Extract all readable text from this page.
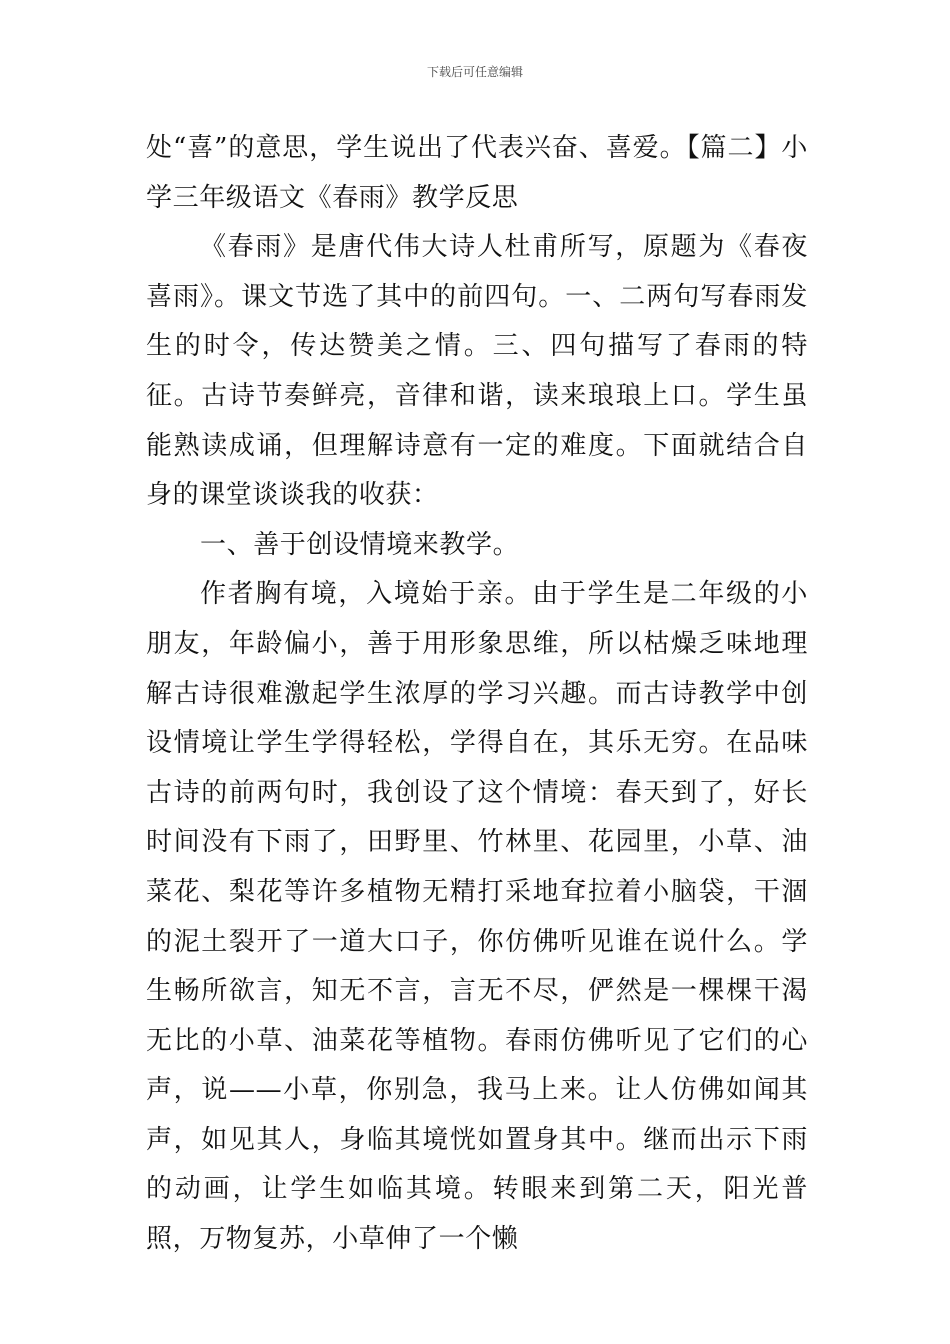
下载后可任意编辑

处“喜”的意思，学生说出了代表兴奋、喜爱。【篇二】小学三年级语文《春雨》教学反思

《春雨》是唐代伟大诗人杜甫所写，原题为《春夜喜雨》。课文节选了其中的前四句。一、二两句写春雨发生的时令，传达赞美之情。三、四句描写了春雨的特征。古诗节奏鲜亮，音律和谐，读来琅琅上口。学生虽能熟读成诵，但理解诗意有一定的难度。下面就结合自身的课堂谈谈我的收获：

一、善于创设情境来教学。

作者胸有境，入境始于亲。由于学生是二年级的小朋友，年龄偏小，善于用形象思维，所以枯燥乏味地理解古诗很难激起学生浓厚的学习兴趣。而古诗教学中创设情境让学生学得轻松，学得自在，其乐无穷。在品味古诗的前两句时，我创设了这个情境：春天到了，好长时间没有下雨了，田野里、竹林里、花园里，小草、油菜花、梨花等许多植物无精打采地耷拉着小脑袋，干涸的泥土裂开了一道大口子，你仿佛听见谁在说什么。学生畅所欲言，知无不言，言无不尽，俨然是一棵棵干渴无比的小草、油菜花等植物。春雨仿佛听见了它们的心声，说——小草，你别急，我马上来。让人仿佛如闻其声，如见其人，身临其境恍如置身其中。继而出示下雨的动画，让学生如临其境。转眼来到第二天，阳光普照，万物复苏，小草伸了一个懒
